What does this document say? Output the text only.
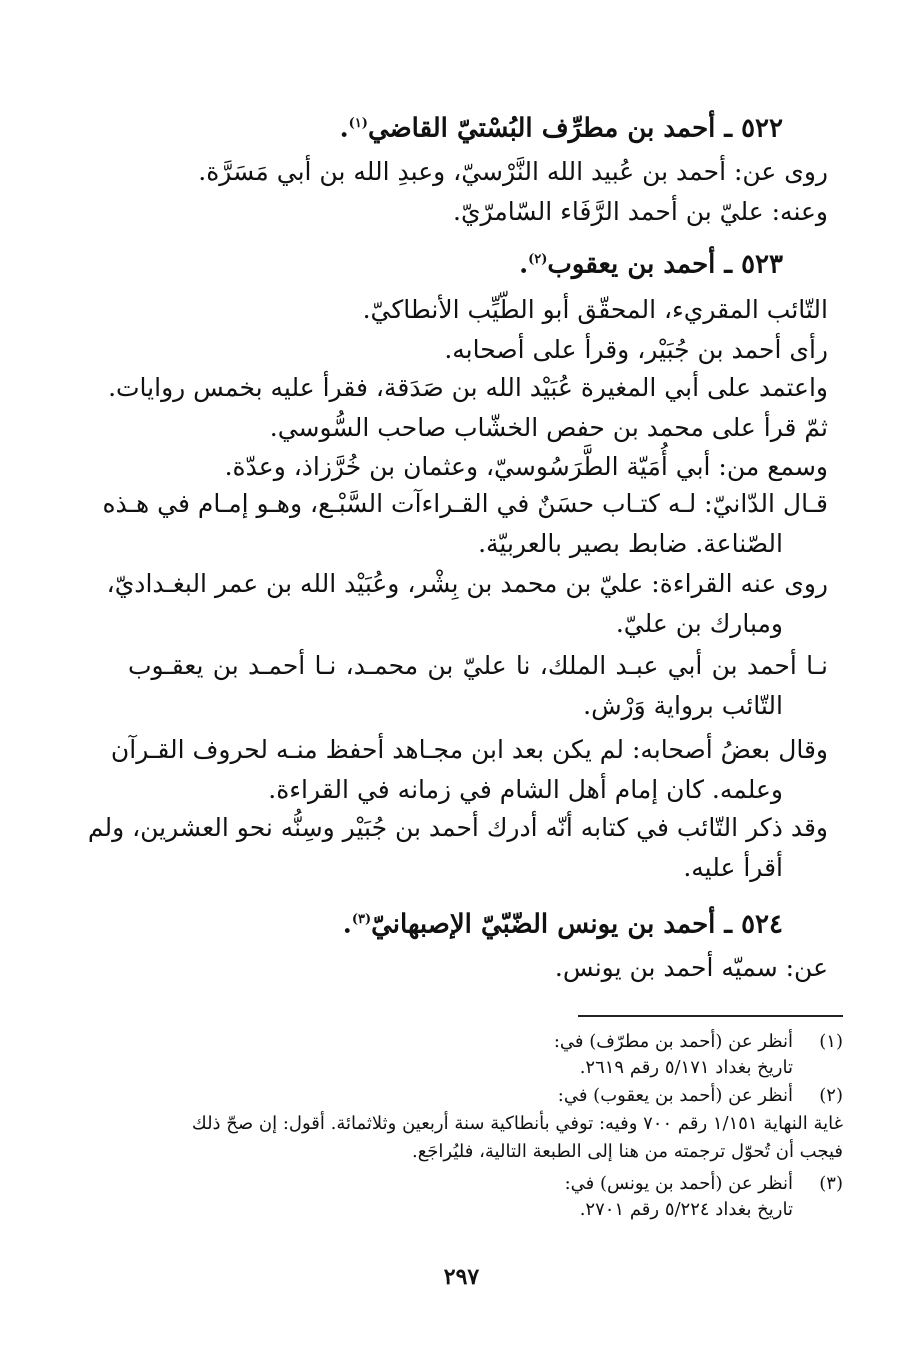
٥٢٢ ـ أحمد بن مطرِّف البُسْتيّ القاضي$^{(١)}$.
روى عن: أحمد بن عُبيد الله النَّرْسيّ، وعبدِ الله بن أبي مَسَرَّة.
وعنه: عليّ بن أحمد الرَّفَاء السّامرّيّ.
٥٢٣ ـ أحمد بن يعقوب$^{(٢)}$.
التّائب المقريء، المحقّق أبو الطّيِّب الأنطاكيّ.
رأى أحمد بن جُبَيْر، وقرأ على أصحابه.
واعتمد على أبي المغيرة عُبَيْد الله بن صَدَقة، فقرأ عليه بخمس روايات.
ثمّ قرأ على محمد بن حفص الخشّاب صاحب السُّوسي.
وسمع من: أبي أُمَيّة الطَّرَسُوسيّ، وعثمان بن خُرَّزاذ، وعدّة.
قـال الدّانيّ: لـه كتـاب حسَنٌ في القـراءآت السَّبْـع، وهـو إمـام في هـذه
الصّناعة. ضابط بصير بالعربيّة.
روى عنه القراءة: عليّ بن محمد بن بِشْر، وعُبَيْد الله بن عمر البغـداديّ،
ومبارك بن عليّ.
نـا أحمد بن أبي عبـد الملك، نا عليّ بن محمـد، نـا أحمـد بن يعقـوب
التّائب برواية وَرْش.
وقال بعضُ أصحابه: لم يكن بعد ابن مجـاهد أحفظ منـه لحروف القـرآن
وعلمه. كان إمام أهل الشام في زمانه في القراءة.
وقد ذكر التّائب في كتابه أنّه أدرك أحمد بن جُبَيْر وسِنُّه نحو العشرين، ولم
أقرأ عليه.
٥٢٤ ـ أحمد بن يونس الضّبّيّ الإصبهانيّ$^{(٣)}$.
عن: سميّه أحمد بن يونس.
(١)
أنظر عن (أحمد بن مطرّف) في:
تاريخ بغداد ٥/١٧١ رقم ٢٦١٩.
(٢)
أنظر عن (أحمد بن يعقوب) في:
غاية النهاية ١/١٥١ رقم ٧٠٠ وفيه: توفي بأنطاكية سنة أربعين وثلاثمائة. أقول: إن صحّ ذلك
فيجب أن تُحوّل ترجمته من هنا إلى الطبعة التالية، فليُراجَع.
(٣)
أنظر عن (أحمد بن يونس) في:
تاريخ بغداد ٥/٢٢٤ رقم ٢٧٠١.
٢٩٧
